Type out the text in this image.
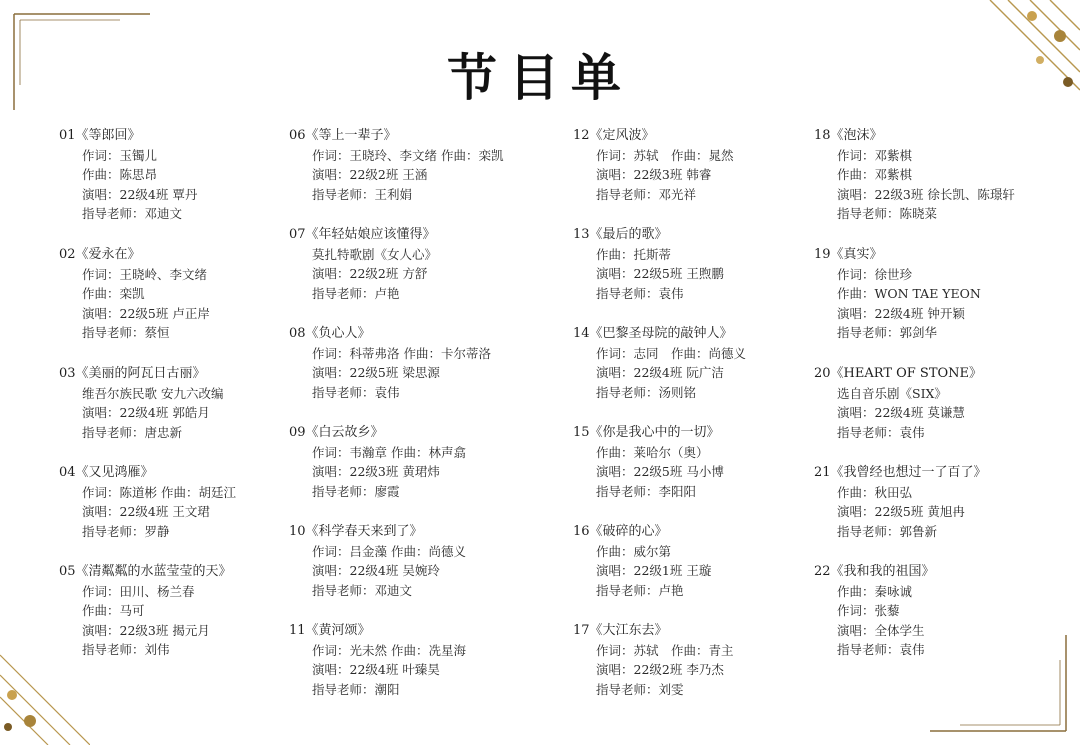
节目单
01《等郎回》
作词：玉镯儿
作曲：陈思昂
演唱：22级4班 覃丹
指导老师：邓迪文
02《爱永在》
作词：王晓岭、李文绪
作曲：栾凯
演唱：22级5班 卢正岸
指导老师：蔡恒
03《美丽的阿瓦日古丽》
维吾尔族民歌 安九六改编
演唱：22级4班 郭皓月
指导老师：唐忠新
04《又见鸿雁》
作词：陈道彬 作曲：胡廷江
演唱：22级4班 王文珺
指导老师：罗静
05《清粼粼的水蓝莹莹的天》
作词：田川、杨兰春
作曲：马可
演唱：22级3班 揭元月
指导老师：刘伟
06《等上一辈子》
作词：王晓玲、李文绪 作曲：栾凯
演唱：22级2班 王涵
指导老师：王利娟
07《年轻姑娘应该懂得》
莫扎特歌剧《女人心》
演唱：22级2班 方舒
指导老师：卢艳
08《负心人》
作词：科蒂弗洛 作曲：卡尔蒂洛
演唱：22级5班 梁思源
指导老师：袁伟
09《白云故乡》
作词：韦瀚章 作曲：林声翕
演唱：22级3班 黄珺炜
指导老师：廖霞
10《科学春天来到了》
作词：吕金藻 作曲：尚德义
演唱：22级4班 吴婉玲
指导老师：邓迪文
11《黄河颂》
作词：光未然 作曲：冼星海
演唱：22级4班 叶臻昊
指导老师：潮阳
12《定风波》
作词：苏轼　作曲：晁然
演唱：22级3班 韩睿
指导老师：邓光祥
13《最后的歌》
作曲：托斯蒂
演唱：22级5班 王煦鹏
指导老师：袁伟
14《巴黎圣母院的敲钟人》
作词：志同　作曲：尚德义
演唱：22级4班 阮广洁
指导老师：汤则铭
15《你是我心中的一切》
作曲：莱哈尔（奥）
演唱：22级5班 马小博
指导老师：李阳阳
16《破碎的心》
作曲：威尔第
演唱：22级1班 王璇
指导老师：卢艳
17《大江东去》
作词：苏轼　作曲：青主
演唱：22级2班 李乃杰
指导老师：刘雯
18《泡沫》
作词：邓紫棋
作曲：邓紫棋
演唱：22级3班 徐长凯、陈璟轩
指导老师：陈晓菜
19《真实》
作词：徐世珍
作曲：WON TAE YEON
演唱：22级4班 钟开颖
指导老师：郭剑华
20《HEART OF STONE》
选自音乐剧《SIX》
演唱：22级4班 莫谦慧
指导老师：袁伟
21《我曾经也想过一了百了》
作曲：秋田弘
演唱：22级5班 黄旭冉
指导老师：郭鲁新
22《我和我的祖国》
作曲：秦咏诚
作词：张藜
演唱：全体学生
指导老师：袁伟
